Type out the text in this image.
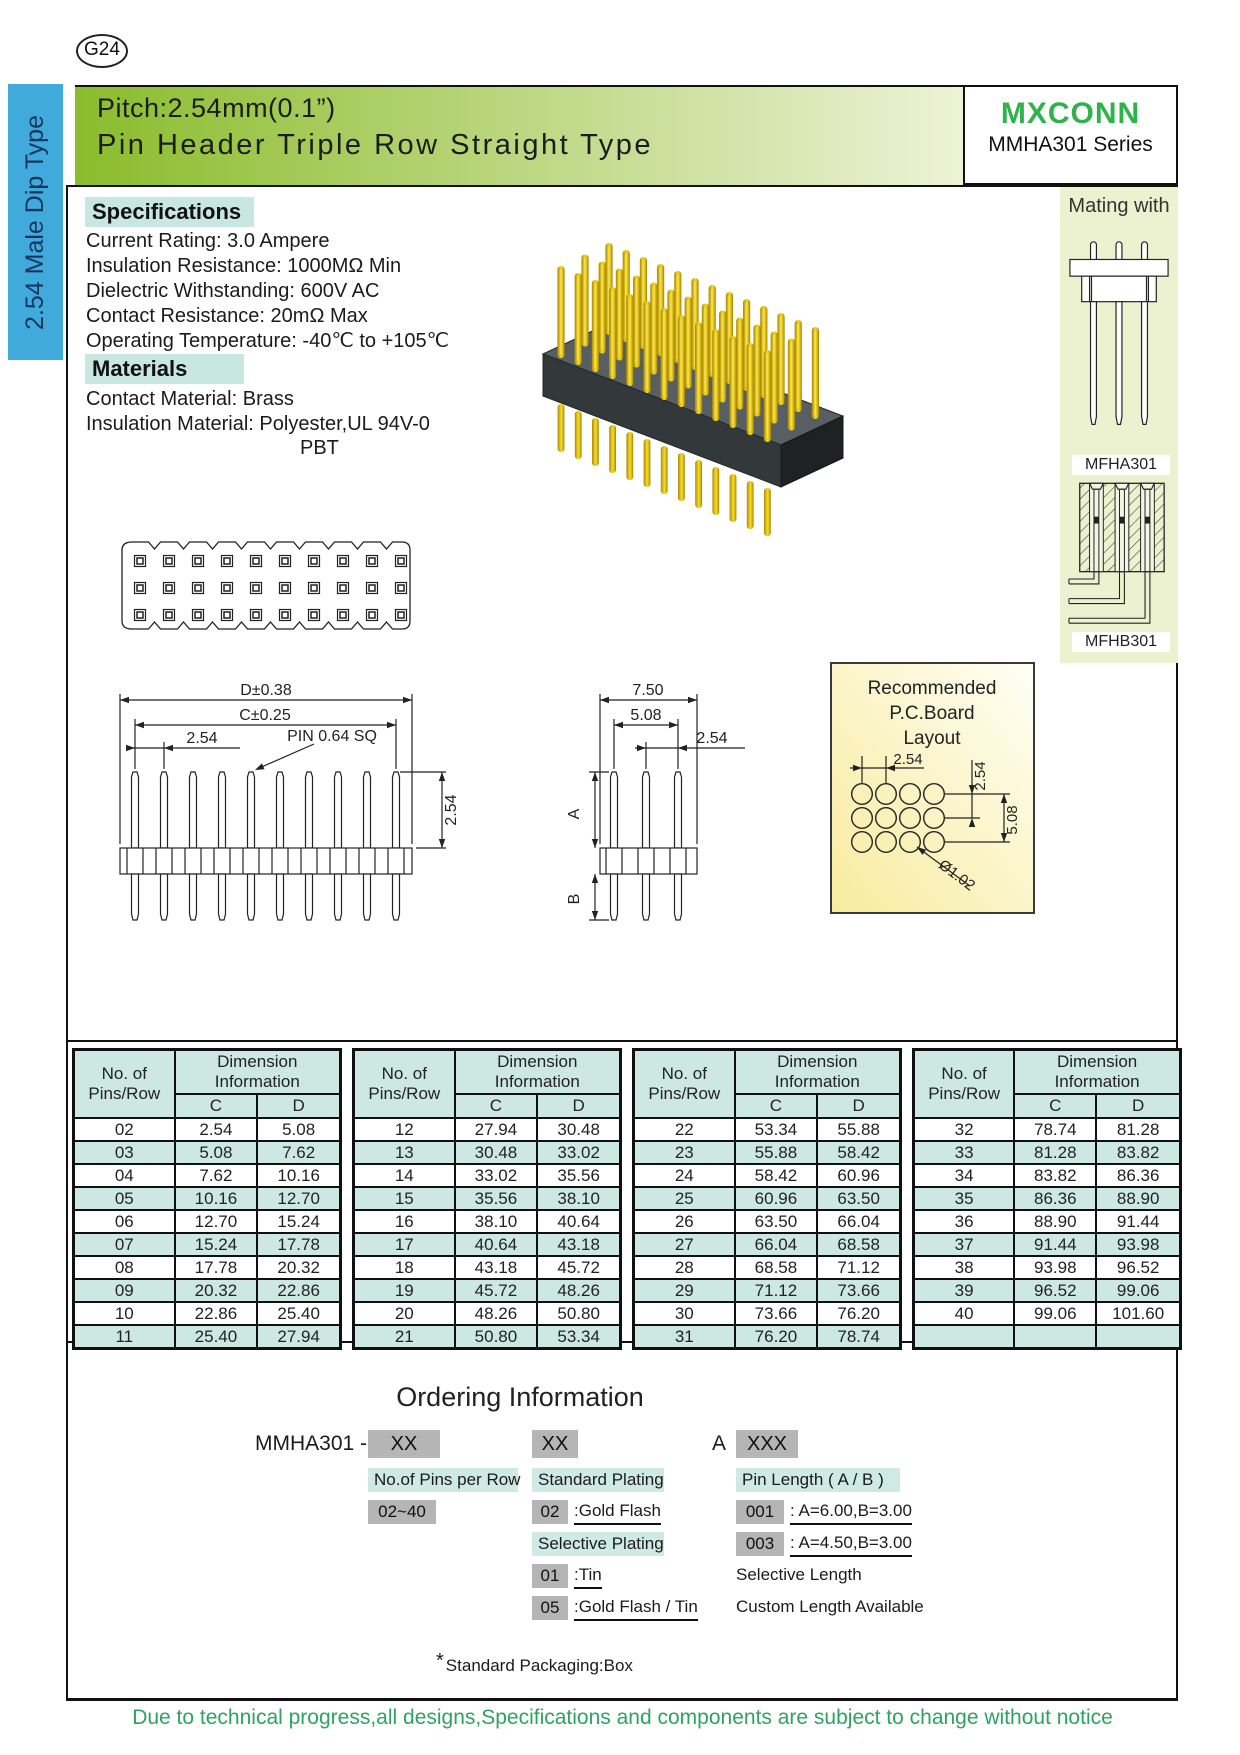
G24
2.54 Male Dip Type
Pitch:2.54mm(0.1”)
Pin Header Triple Row Straight Type
MXCONN
MMHA301 Series
Specifications
Current Rating: 3.0 Ampere
Insulation Resistance: 1000MΩ Min
Dielectric Withstanding: 600V AC
Contact Resistance: 20mΩ Max
Operating Temperature: -40℃ to +105℃
Materials
Contact Material: Brass
Insulation Material: Polyester,UL 94V-0
PBT
Mating with
MFHA301
MFHB301
D±0.38
C±0.25
2.54	PIN 0.64 SQ
2.54
7.50
5.08
2.54
A
B
Recommended
P.C.Board
Layout
2.54
2.54
5.08
Ø1.02
No. of
Pins/Row	Dimension Information	
	C	D
02	2.54	5.08
03	5.08	7.62
04	7.62	10.16
05	10.16	12.70
06	12.70	15.24
07	15.24	17.78
08	17.78	20.32
09	20.32	22.86
10	22.86	25.40
11	25.40	27.94
No. of
Pins/Row	Dimension Information	
	C	D
12	27.94	30.48
13	30.48	33.02
14	33.02	35.56
15	35.56	38.10
16	38.10	40.64
17	40.64	43.18
18	43.18	45.72
19	45.72	48.26
20	48.26	50.80
21	50.80	53.34
No. of
Pins/Row	Dimension Information	
	C	D
22	53.34	55.88
23	55.88	58.42
24	58.42	60.96
25	60.96	63.50
26	63.50	66.04
27	66.04	68.58
28	68.58	71.12
29	71.12	73.66
30	73.66	76.20
31	76.20	78.74
No. of
Pins/Row	Dimension Information	
	C	D
32	78.74	81.28
33	81.28	83.82
34	83.82	86.36
35	86.36	88.90
36	88.90	91.44
37	91.44	93.98
38	93.98	96.52
39	96.52	99.06
40	99.06	101.60

Ordering Information
MMHA301 -	XX	XX	A	XXX
No.of Pins per Row
02~40
Standard Plating
02 :Gold Flash
Selective Plating
01 :Tin
05 :Gold Flash / Tin
Pin Length ( A / B )
001 : A=6.00,B=3.00
003 : A=4.50,B=3.00
Selective Length
Custom Length Available
* Standard Packaging:Box
Due to technical progress,all designs,Specifications and components are subject to change without notice
